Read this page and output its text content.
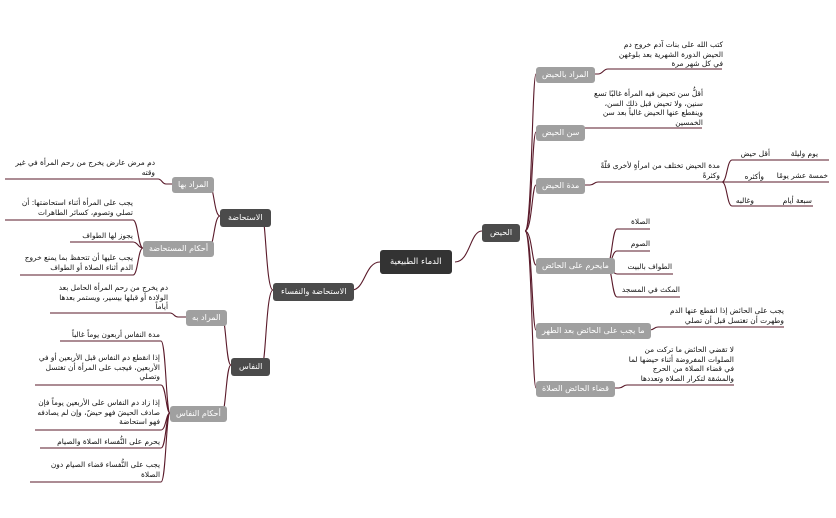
الدماء الطبيعية
الحيض
المراد بالحيض
كتب الله على بنات آدم خروج دم الحيض الدورة الشهرية بعد بلوغهن في كل شهر مرة
سن الحيض
أقلُّ سن تحيض فيه المرأة غالبًا تسع سنين، ولا تحيض قبل ذلك السن، وينقطع عنها الحيض غالباً بعد سن الخمسين
مدة الحيض
مدة الحيض تختلف من امرأةٍ لأخرى قلّةً وكثرةً
أقل حيض	يوم وليلة
وأكثره	خمسة عشر يومًا
وغالبه	سبعة أيام
مايحرم على الحائض
الصلاة
الصوم
الطواف بالبيت
المكث في المسجد
ما يجب على الحائض بعد الطهر
يجب على الحائض إذا انقطع عنها الدم وطهرت أن تغتسل قبل أن تصلي
قضاء الحائض الصلاة
لا تقضي الحائض ما تركت من الصلوات المفروضة أثناء حيضها لما في قضاء الصلاة من الحرج والمشقة لتكرار الصلاة وتعددها
الاستحاضة والنفساء
الاستحاضة
المراد بها
دم مرض عارض يخرج من رحم المرأة في غير وقته
أحكام المستحاضة
يجب على المرأة أثناء استحاضتها: أن تصلي وتصوم، كسائر الطاهرات
يجوز لها الطواف
يجب عليها أن تتحفظ بما يمنع خروج الدم أثناء الصلاة أو الطواف
النفاس
المراد به
دم يخرج من رحم المرأة الحامل بعد الولادة أو قبلها بيسير، ويستمر بعدها أياماً
أحكام النفاس
مدة النفاس أربعون يوماً غالباً
إذا انقطع دم النفاس قبل الأربعين أو في الأربعين، فيجب على المرأة أن تغتسل وتصلي
إذا زاد دم النفاس على الأربعين يوماً فإن صادف الحيضَ فهو حيضٌ، وإن لم يصادفه فهو استحاضة
يحرم على النُّفساء الصلاة والصيام
يجب على النُّفساء قضاء الصيام دون الصلاة
